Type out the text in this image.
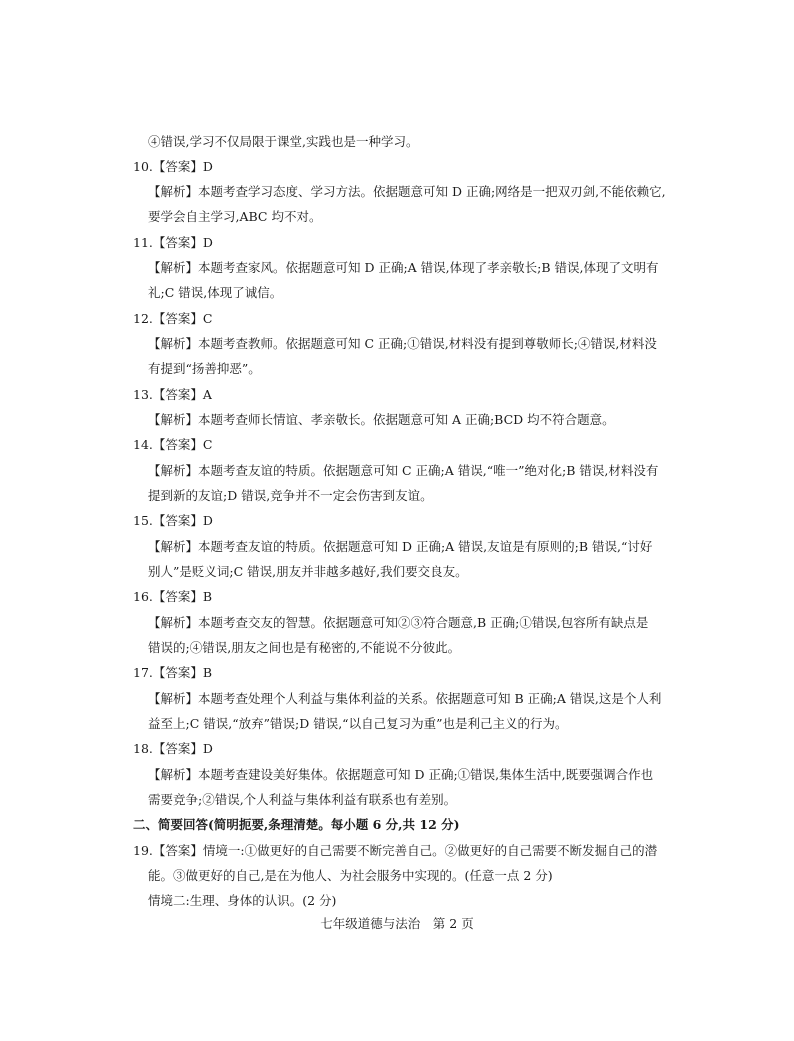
④错误,学习不仅局限于课堂,实践也是一种学习。
10.【答案】D
【解析】本题考查学习态度、学习方法。依据题意可知 D 正确;网络是一把双刃剑,不能依赖它,
要学会自主学习,ABC 均不对。
11.【答案】D
【解析】本题考查家风。依据题意可知 D 正确;A 错误,体现了孝亲敬长;B 错误,体现了文明有
礼;C 错误,体现了诚信。
12.【答案】C
【解析】本题考查教师。依据题意可知 C 正确;①错误,材料没有提到尊敬师长;④错误,材料没
有提到“扬善抑恶”。
13.【答案】A
【解析】本题考查师长情谊、孝亲敬长。依据题意可知 A 正确;BCD 均不符合题意。
14.【答案】C
【解析】本题考查友谊的特质。依据题意可知 C 正确;A 错误,“唯一”绝对化;B 错误,材料没有
提到新的友谊;D 错误,竞争并不一定会伤害到友谊。
15.【答案】D
【解析】本题考查友谊的特质。依据题意可知 D 正确;A 错误,友谊是有原则的;B 错误,“讨好
别人”是贬义词;C 错误,朋友并非越多越好,我们要交良友。
16.【答案】B
【解析】本题考查交友的智慧。依据题意可知②③符合题意,B 正确;①错误,包容所有缺点是
错误的;④错误,朋友之间也是有秘密的,不能说不分彼此。
17.【答案】B
【解析】本题考查处理个人利益与集体利益的关系。依据题意可知 B 正确;A 错误,这是个人利
益至上;C 错误,“放弃”错误;D 错误,“以自己复习为重”也是利己主义的行为。
18.【答案】D
【解析】本题考查建设美好集体。依据题意可知 D 正确;①错误,集体生活中,既要强调合作也
需要竞争;②错误,个人利益与集体利益有联系也有差别。
二、简要回答(简明扼要,条理清楚。每小题 6 分,共 12 分)
19.【答案】情境一:①做更好的自己需要不断完善自己。②做更好的自己需要不断发掘自己的潜
能。③做更好的自己,是在为他人、为社会服务中实现的。(任意一点 2 分)
情境二:生理、身体的认识。(2 分)
七年级道德与法治　第 2 页
